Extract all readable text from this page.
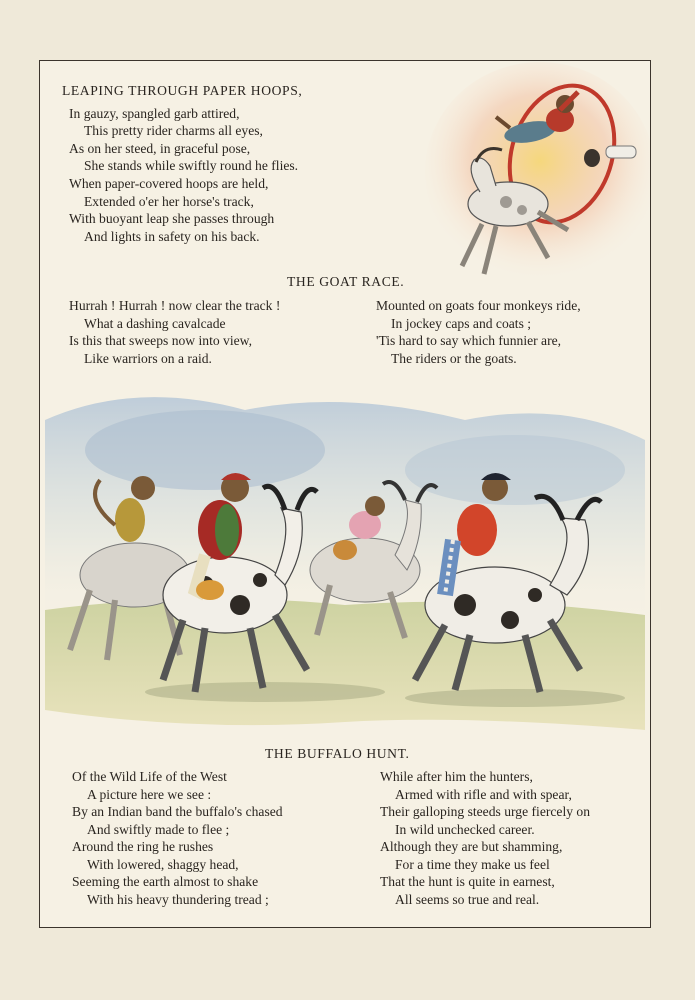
LEAPING THROUGH PAPER HOOPS,
In gauzy, spangled garb attired,
This pretty rider charms all eyes,
As on her steed, in graceful pose,
She stands while swiftly round he flies.
When paper-covered hoops are held,
Extended o'er her horse's track,
With buoyant leap she passes through
And lights in safety on his back.
THE GOAT RACE.
Hurrah ! Hurrah ! now clear the track !
What a dashing cavalcade
Is this that sweeps now into view,
Like warriors on a raid.
Mounted on goats four monkeys ride,
In jockey caps and coats ;
'Tis hard to say which funnier are,
The riders or the goats.
THE BUFFALO HUNT.
Of the Wild Life of the West
A picture here we see :
By an Indian band the buffalo's chased
And swiftly made to flee ;
Around the ring he rushes
With lowered, shaggy head,
Seeming the earth almost to shake
With his heavy thundering tread ;
While after him the hunters,
Armed with rifle and with spear,
Their galloping steeds urge fiercely on
In wild unchecked career.
Although they are but shamming,
For a time they make us feel
That the hunt is quite in earnest,
All seems so true and real.
